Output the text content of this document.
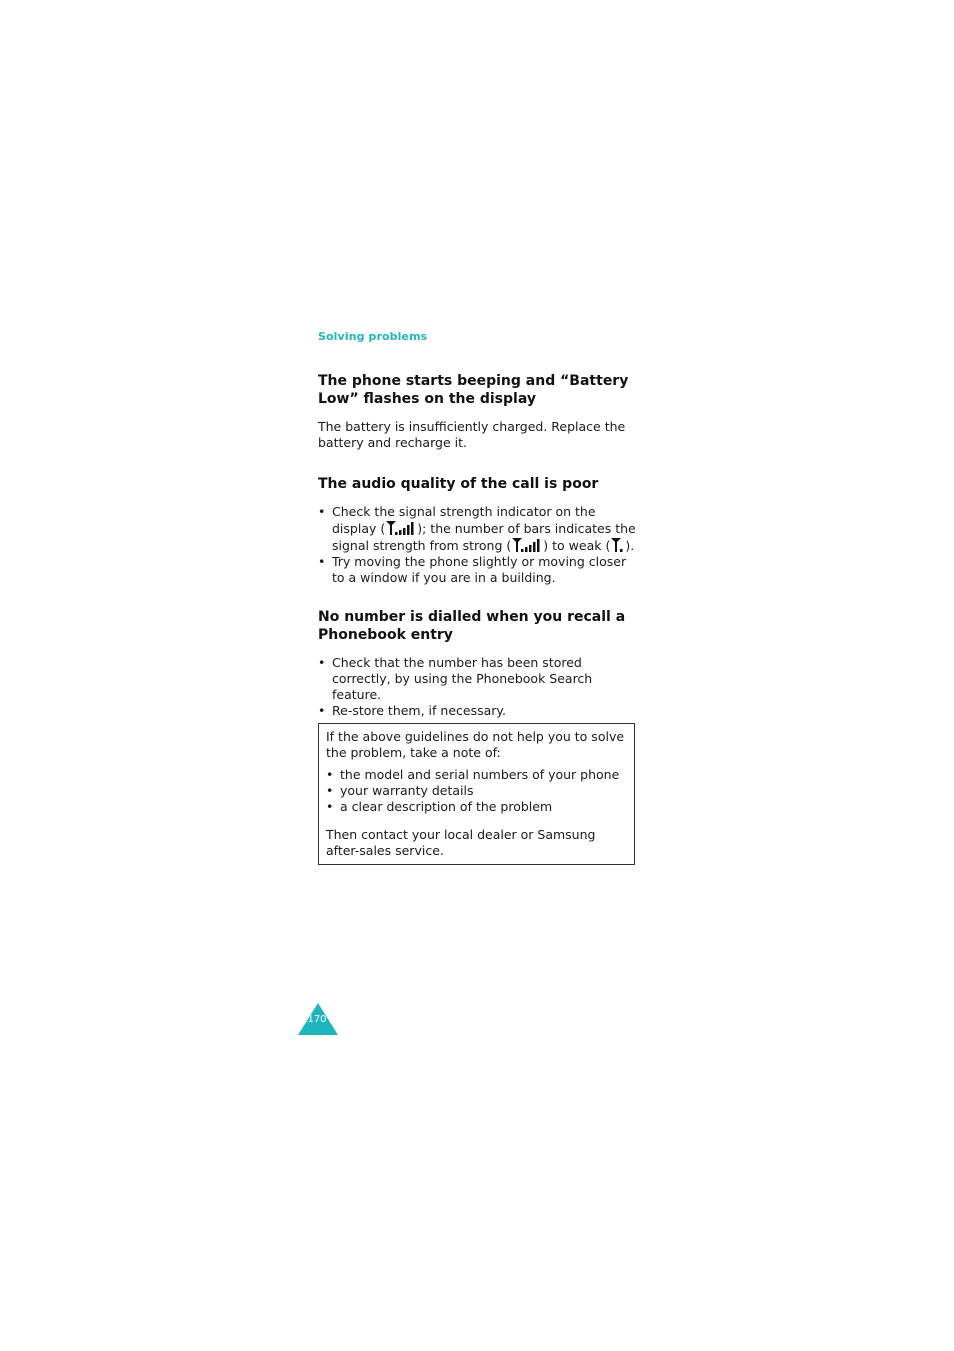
Solving problems
The phone starts beeping and “Battery Low” flashes on the display

The battery is insufficiently charged. Replace the battery and recharge it.

The audio quality of the call is poor
• Check the signal strength indicator on the display (	); the number of bars indicates the signal strength from strong (	) to weak ( ).
• Try moving the phone slightly or moving closer to a window if you are in a building.
No number is dialled when you recall a Phonebook entry
• Check that the number has been stored correctly, by using the Phonebook Search feature.
• Re-store them, if necessary.

If the above guidelines do not help you to solve the problem, take a note of:

• the model and serial numbers of your phone
• your warranty details
• a clear description of the problem

Then contact your local dealer or Samsung after-sales service.

170
